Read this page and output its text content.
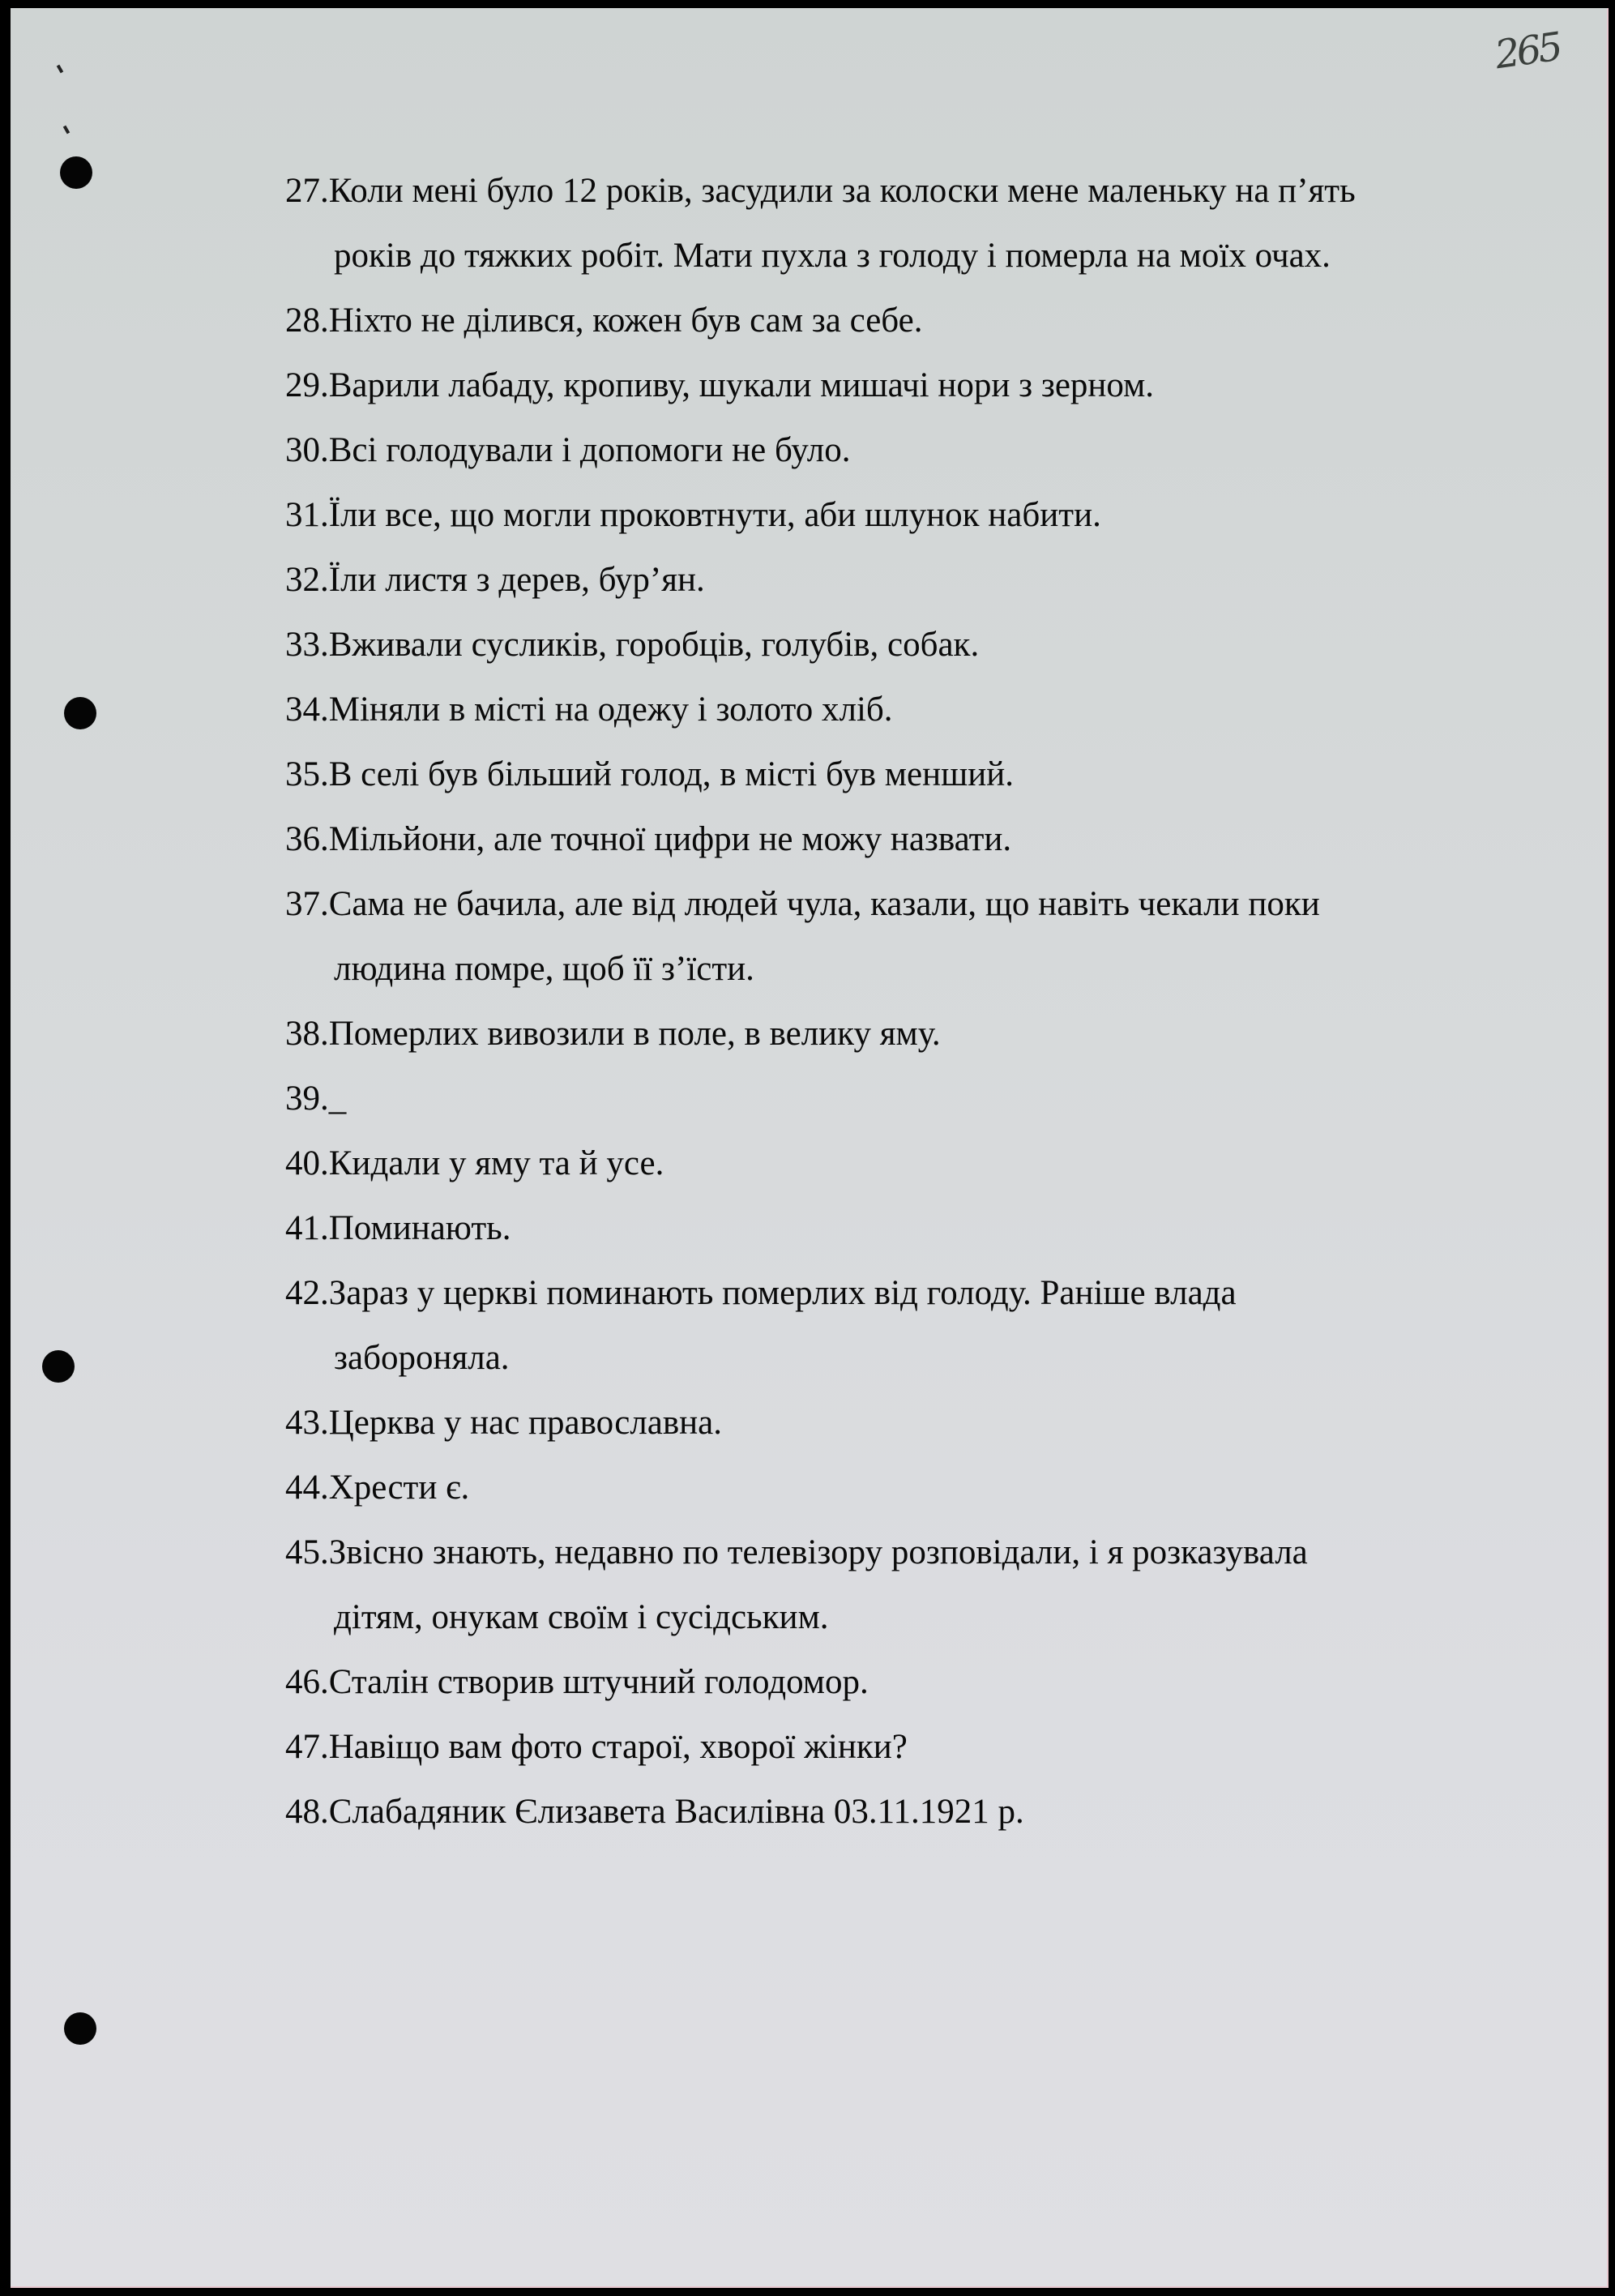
265
27.Коли мені було 12 років, засудили за колоски мене маленьку на п’ять
років до тяжких робіт. Мати пухла з голоду і померла на моїх очах.
28.Ніхто не ділився, кожен був сам за себе.
29.Варили лабаду, кропиву, шукали мишачі нори з зерном.
30.Всі голодували і допомоги не було.
31.Їли все, що могли проковтнути, аби шлунок набити.
32.Їли листя з дерев, бур’ян.
33.Вживали сусликів, горобців, голубів, собак.
34.Міняли в місті на одежу і золото хліб.
35.В селі був більший голод, в місті був менший.
36.Мільйони, але точної цифри не можу назвати.
37.Сама не бачила, але від людей чула, казали, що навіть чекали поки
людина помре, щоб її з’їсти.
38.Померлих вивозили в поле, в велику яму.
39._
40.Кидали у яму та й усе.
41.Поминають.
42.Зараз у церкві поминають померлих від голоду. Раніше влада
забороняла.
43.Церква у нас православна.
44.Хрести є.
45.Звісно знають, недавно по телевізору розповідали, і я розказувала
дітям, онукам своїм і сусідським.
46.Сталін створив штучний голодомор.
47.Навіщо вам фото старої, хворої жінки?
48.Слабадяник Єлизавета Василівна 03.11.1921 р.
